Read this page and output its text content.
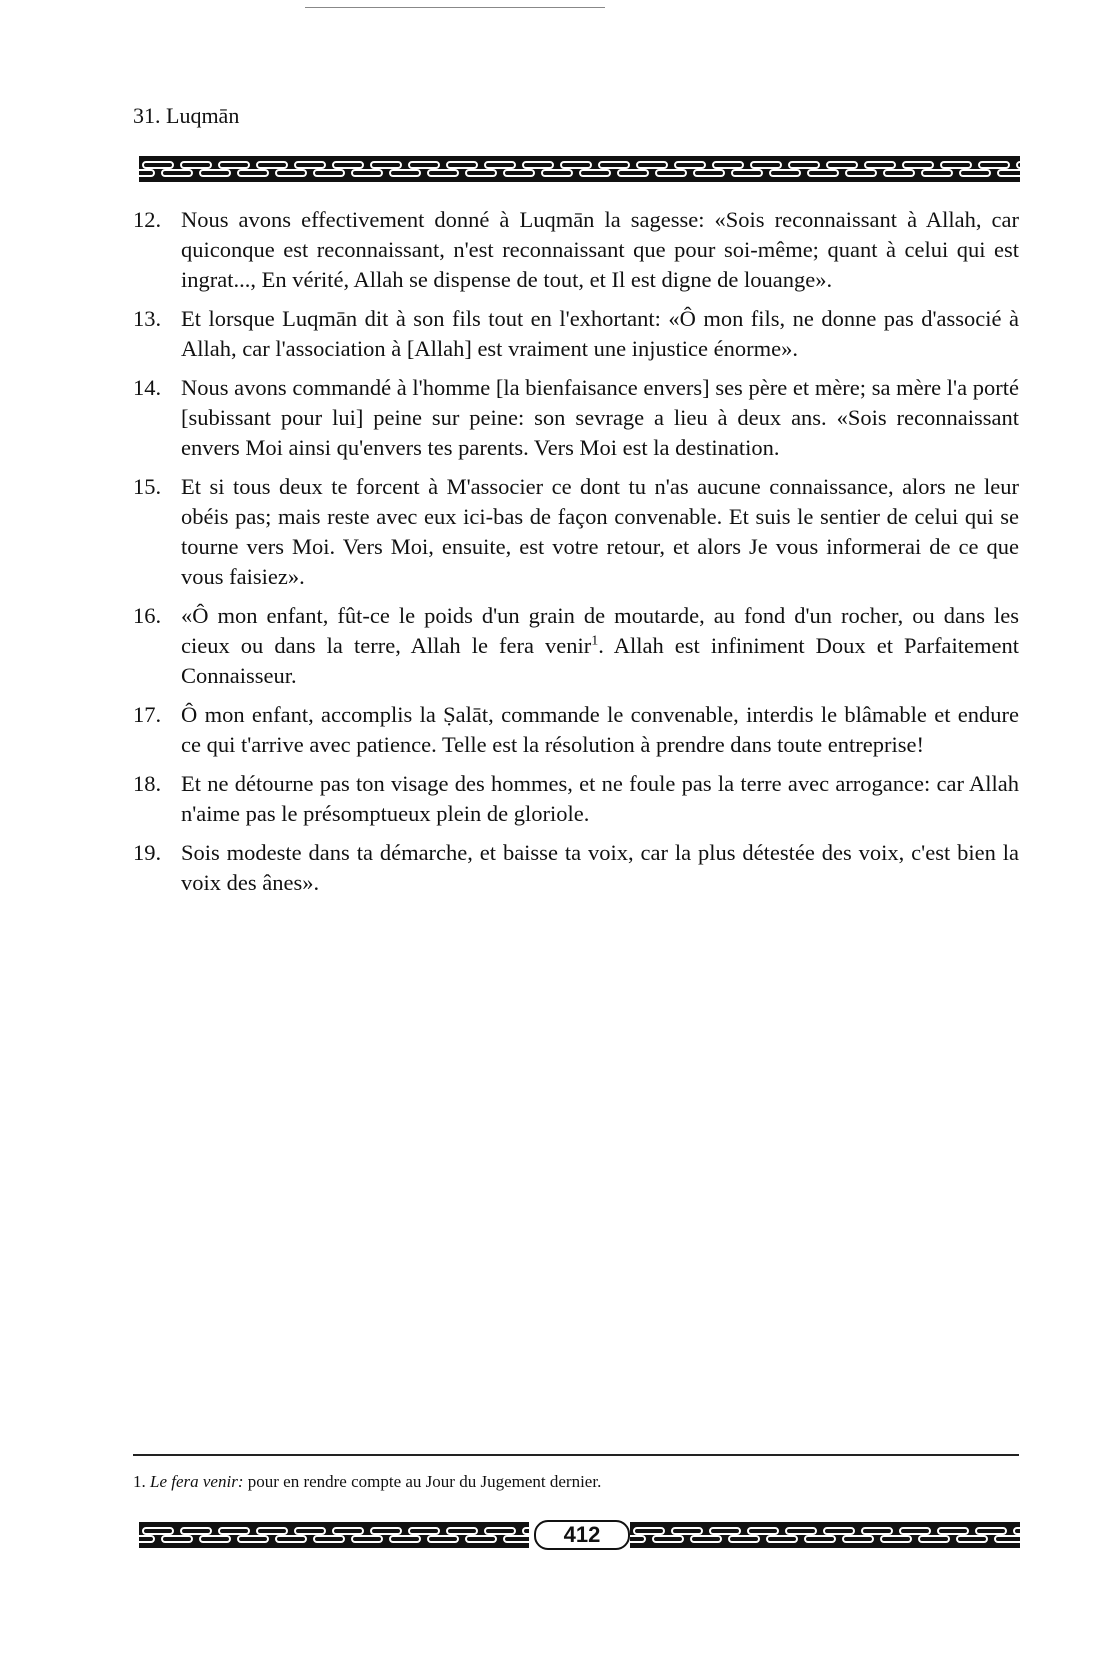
31. Luqmān
12. Nous avons effectivement donné à Luqmān la sagesse: «Sois reconnaissant à Allah, car quiconque est reconnaissant, n'est reconnaissant que pour soi-même; quant à celui qui est ingrat..., En vérité, Allah se dispense de tout, et Il est digne de louange».
13. Et lorsque Luqmān dit à son fils tout en l'exhortant: «Ô mon fils, ne donne pas d'associé à Allah, car l'association à [Allah] est vraiment une injustice énorme».
14. Nous avons commandé à l'homme [la bienfaisance envers] ses père et mère; sa mère l'a porté [subissant pour lui] peine sur peine: son sevrage a lieu à deux ans. «Sois reconnaissant envers Moi ainsi qu'envers tes parents. Vers Moi est la destination.
15. Et si tous deux te forcent à M'associer ce dont tu n'as aucune connaissance, alors ne leur obéis pas; mais reste avec eux ici-bas de façon convenable. Et suis le sentier de celui qui se tourne vers Moi. Vers Moi, ensuite, est votre retour, et alors Je vous informerai de ce que vous faisiez».
16. «Ô mon enfant, fût-ce le poids d'un grain de moutarde, au fond d'un rocher, ou dans les cieux ou dans la terre, Allah le fera venir$^1$. Allah est infiniment Doux et Parfaitement Connaisseur.
17. Ô mon enfant, accomplis la Ṣalāt, commande le convenable, interdis le blâmable et endure ce qui t'arrive avec patience. Telle est la résolution à prendre dans toute entreprise!
18. Et ne détourne pas ton visage des hommes, et ne foule pas la terre avec arrogance: car Allah n'aime pas le présomptueux plein de gloriole.
19. Sois modeste dans ta démarche, et baisse ta voix, car la plus détestée des voix, c'est bien la voix des ânes».
1. Le fera venir: pour en rendre compte au Jour du Jugement dernier.
412
